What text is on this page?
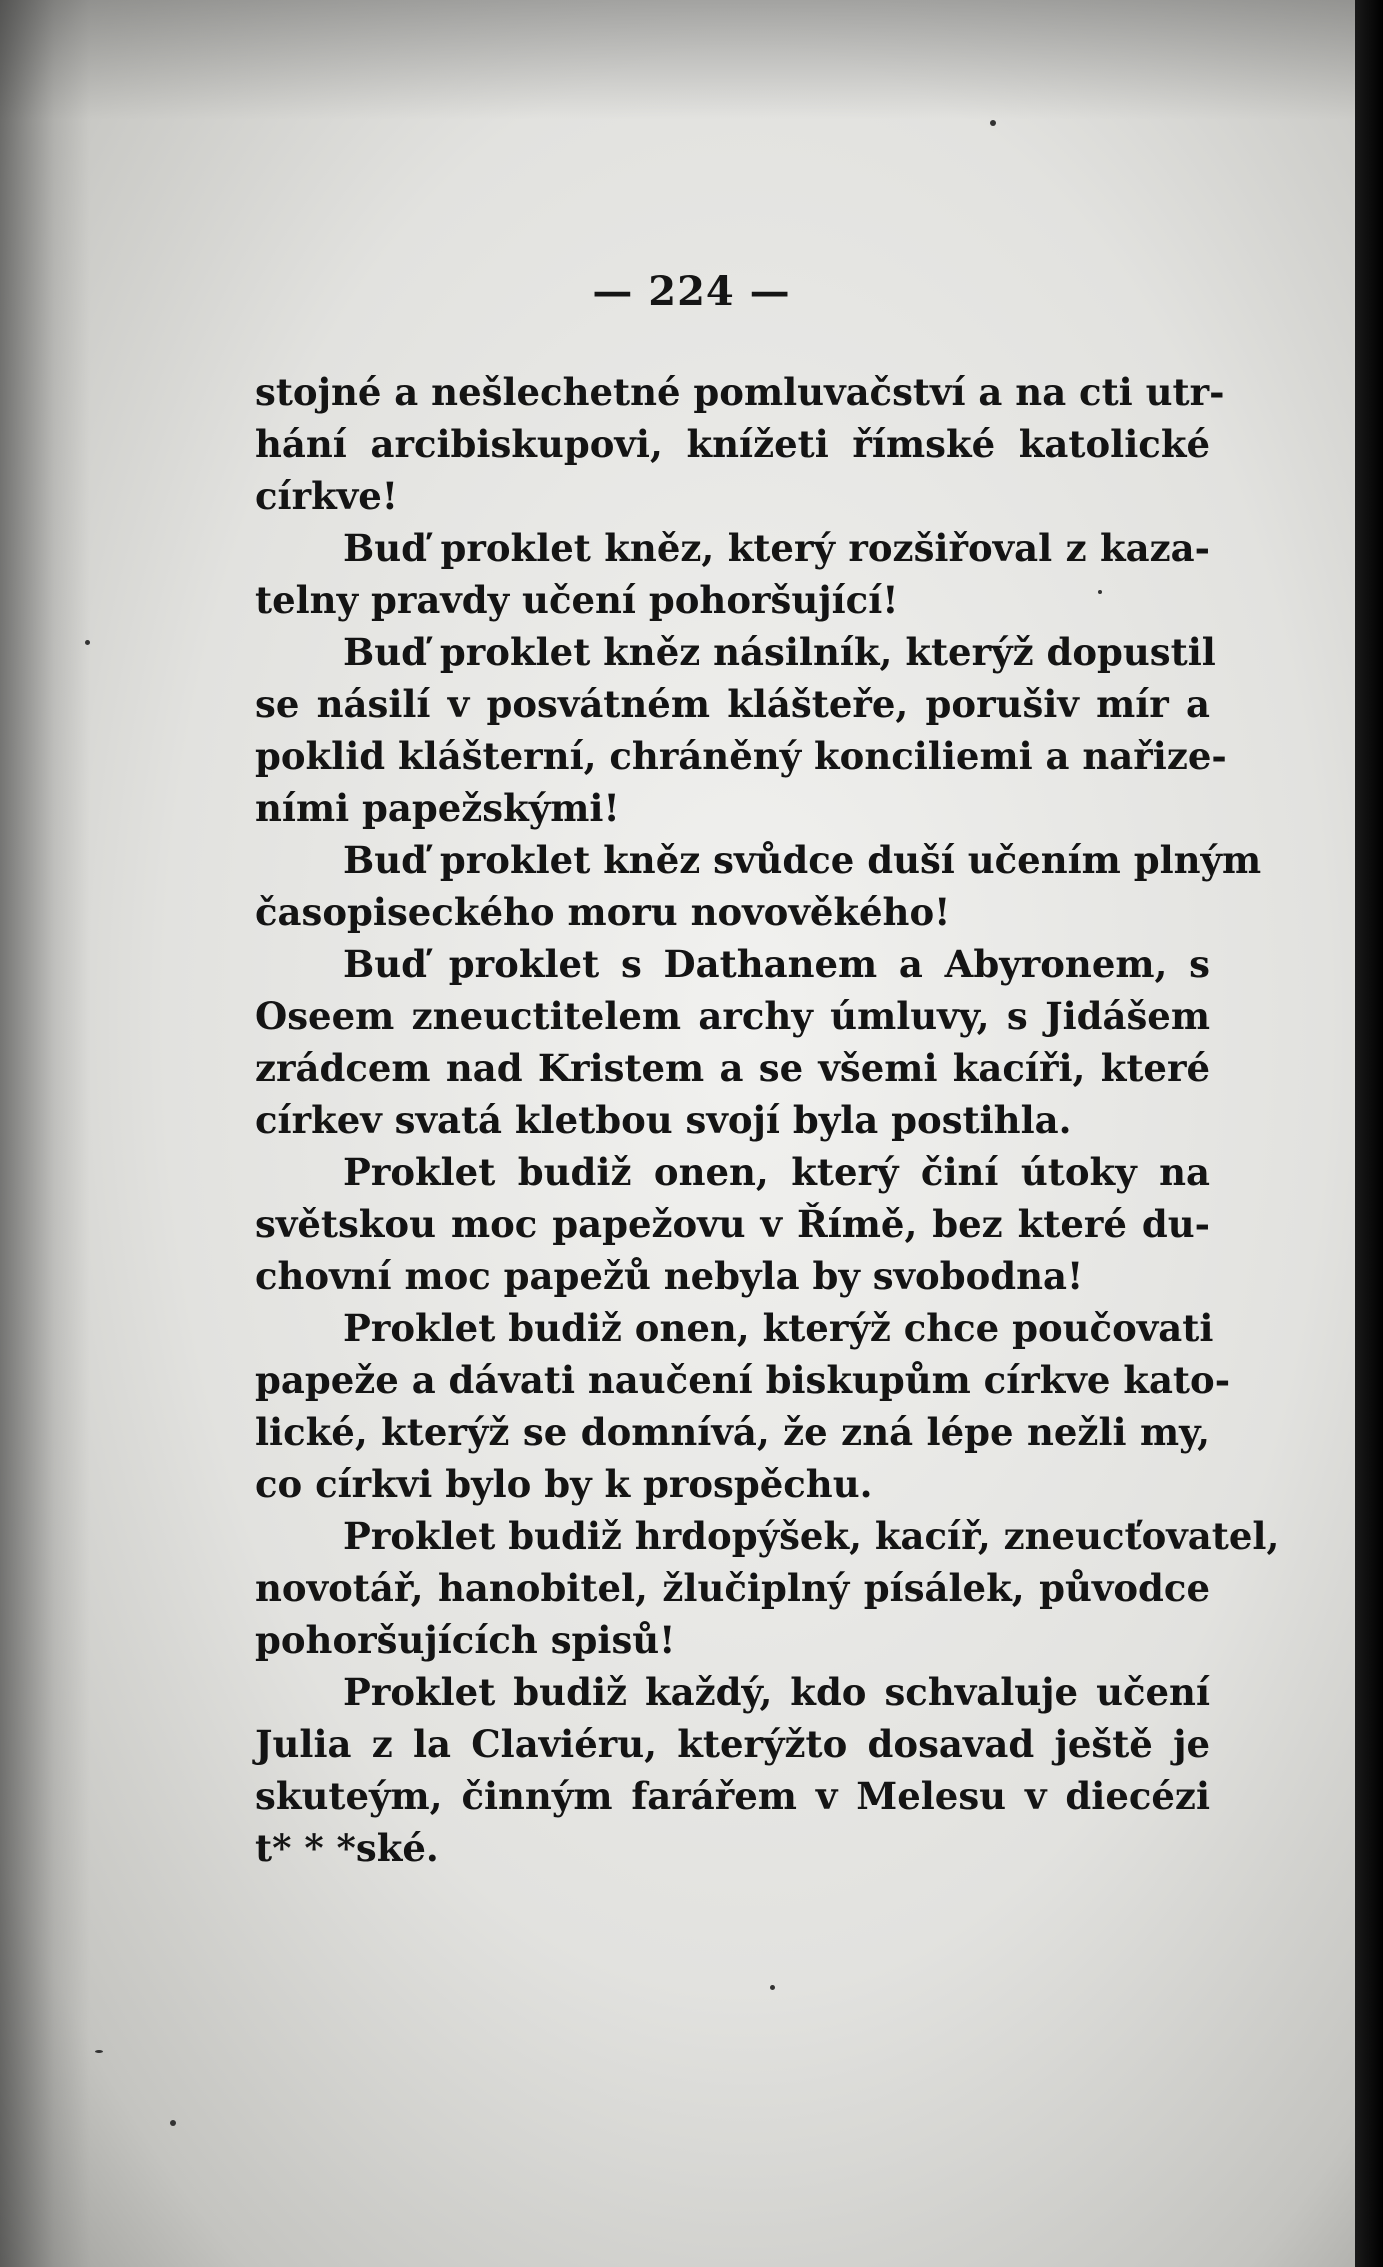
— 224 —
stojné a nešlechetné pomluvačství a na cti utr-
hání arcibiskupovi, knížeti římské katolické
církve!
Buď proklet kněz, který rozšiřoval z kaza-
telny pravdy učení pohoršující!
Buď proklet kněz násilník, kterýž dopustil
se násilí v posvátném klášteře, porušiv mír a
poklid klášterní, chráněný konciliemi a nařize-
ními papežskými!
Buď proklet kněz svůdce duší učením plným
časopiseckého moru novověkého!
Buď proklet s Dathanem a Abyronem, s
Oseem zneuctitelem archy úmluvy, s Jidášem
zrádcem nad Kristem a se všemi kacíři, které
církev svatá kletbou svojí byla postihla.
Proklet budiž onen, který činí útoky na
světskou moc papežovu v Římě, bez které du-
chovní moc papežů nebyla by svobodna!
Proklet budiž onen, kterýž chce poučovati
papeže a dávati naučení biskupům církve kato-
lické, kterýž se domnívá, že zná lépe nežli my,
co církvi bylo by k prospěchu.
Proklet budiž hrdopýšek, kacíř, zneucťovatel,
novotář, hanobitel, žlučiplný písálek, původce
pohoršujících spisů!
Proklet budiž každý, kdo schvaluje učení
Julia z la Claviéru, kterýžto dosavad ještě je
skuteým, činným farářem v Melesu v diecézi
t* * *ské.
